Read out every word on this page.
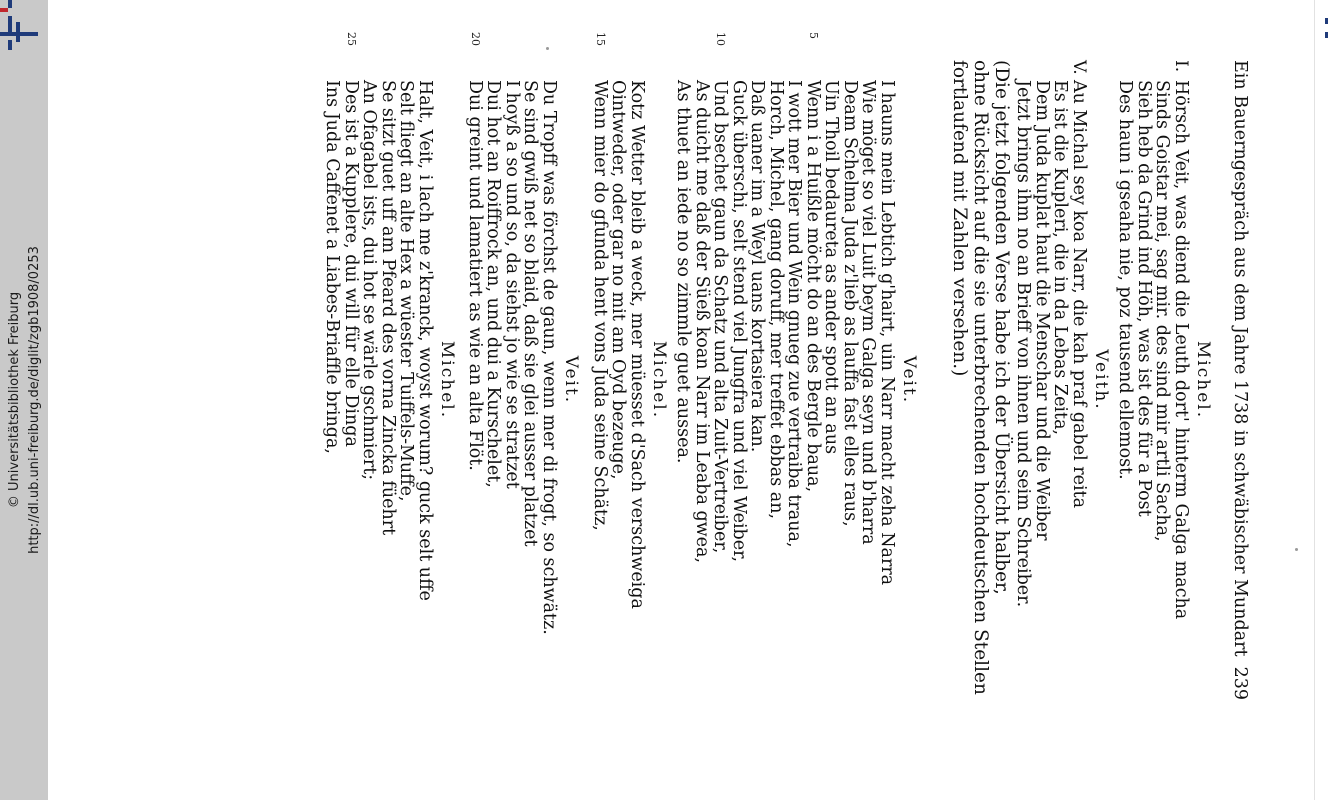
http://dl.ub.uni-freiburg.de/diglit/zgb1908/0253
© Universitätsbibliothek Freiburg	Ein Bauerngespräch aus dem Jahre 1738 in schwäbischer Mundart
239
Michel.
I.
Hörsch Veit, was diend die Leuth dort' hinterm Galga macha
Sinds Goistar mei, sag mir. des sind mir artli Sacha,
Sieh heb da Grind ind Höh, was ist des für a Post
Des haun i gseaha nie, poz tausend ellemost.
Veith.
V.
Au Michal sey koa Narr, die kah praf gabel reita
Es ist die Kupleri, die in da Lebas Zeita,
Dem Juda kuplat haut die Menschar und die Weiber
Jetzt brings ihm no an Brieff von ihnen und seim Schreiber.
(Die jetzt folgenden Verse habe ich der Übersicht halber,
ohne Rücksicht auf die sie unterbrechenden hochdeutschen Stellen
fortlaufend mit Zahlen versehen.)
Veit.
I hauns mein Lebtich g'hairt, uin Narr macht zeha Narra
Wie möget so viel Luit beym Galga seyn und b'harra
Deam Schelma Juda z'lieb as lauffa fast elles raus,
Uin Thoil bedaureta as ander spott an aus
5
Wenn i a Huißle möcht do an des Bergle baua,
I wott mer Bier und Wein gnueg zue vertraiba traua,
Horch, Michel, gang doruff, mer treffet ebbas an,
Daß uaner im a Weyl uans kortasiera kan.
Guck überschi, selt stend viel Jungfra und viel Weiber,
10
Und bsechet gaun da Schatz und alta Zuit-Vertreiber,
As duicht me daß der Süeß koan Narr im Leaba gwea,
As thuet an iede no so zimmle guet aussea.
Michel.
Kotz Wetter bleib a weck, mer müesset d'Sach verschweiga
Ointweder, oder gar no mit am Oyd bezeuge,
15
Wenn mier do gfunda hent vons Juda seine Schätz,
Veit.
Du Tropff was förchst de gaun, wenn mer di frogt, so schwätz.
Se sind gwiß net so blaid, daß sie glei ausser platzet
I hoyß a so und so, da siehst jo wie se stratzet
Dui hot an Roiffrock an, und dui a Kurschelet,
20
Dui greint und lamatiert as wie an alta Flöt.
Michel.
Halt, Veit, i lach me z'kranck, woyst worum? guck selt uffe
Selt fliegt an alte Hex a wüester Tuiffels-Muffe,
Se sitzt guet uff am Pfeard des vorna Zincka füehrt
An Ofagabel ists, dui hot se wärle gschmiert;
25
Des ist a Kupplere, dui will für elle Dinga
Ins Juda Caffenet a Liabes-Briaffle bringa,
